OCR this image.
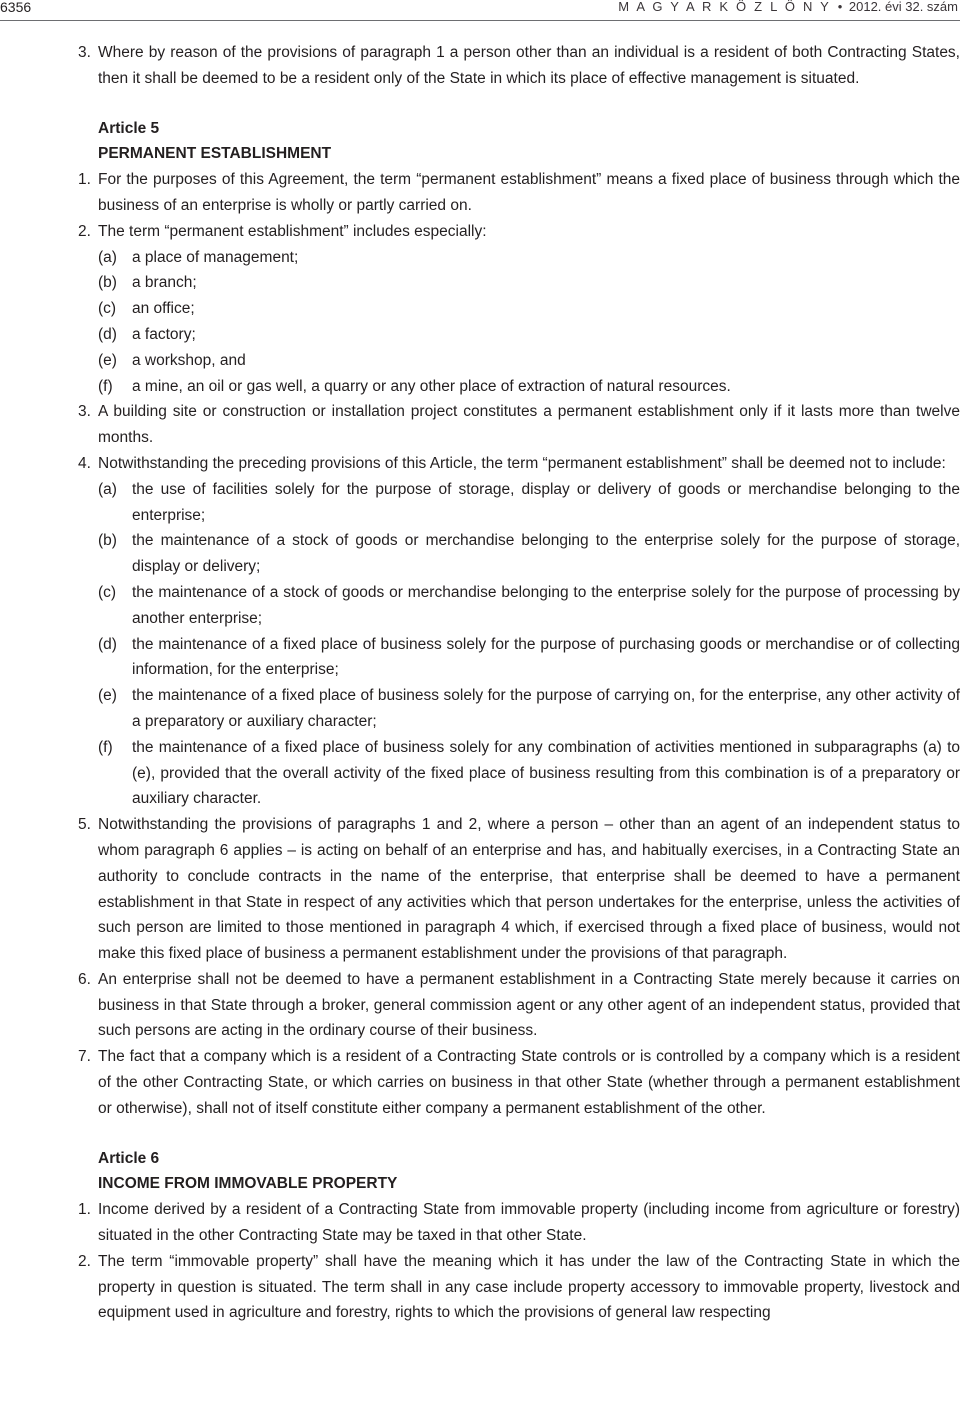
6356	M A G Y A R K Ö Z L Ö N Y • 2012. évi 32. szám

3. Where by reason of the provisions of paragraph 1 a person other than an individual is a resident of both Contracting States, then it shall be deemed to be a resident only of the State in which its place of effective management is situated.

Article 5

PERMANENT ESTABLISHMENT

1. For the purposes of this Agreement, the term “permanent establishment” means a fixed place of business through which the business of an enterprise is wholly or partly carried on.

2. The term “permanent establishment” includes especially:

(a) a place of management;

(b) a branch;

(c) an office;

(d) a factory;

(e) a workshop, and

(f) a mine, an oil or gas well, a quarry or any other place of extraction of natural resources.

3. A building site or construction or installation project constitutes a permanent establishment only if it lasts more than twelve months.

4. Notwithstanding the preceding provisions of this Article, the term “permanent establishment” shall be deemed not to include:

(a) the use of facilities solely for the purpose of storage, display or delivery of goods or merchandise belonging to the enterprise;

(b) the maintenance of a stock of goods or merchandise belonging to the enterprise solely for the purpose of storage, display or delivery;

(c) the maintenance of a stock of goods or merchandise belonging to the enterprise solely for the purpose of processing by another enterprise;

(d) the maintenance of a fixed place of business solely for the purpose of purchasing goods or merchandise or of collecting information, for the enterprise;

(e) the maintenance of a fixed place of business solely for the purpose of carrying on, for the enterprise, any other activity of a preparatory or auxiliary character;

(f) the maintenance of a fixed place of business solely for any combination of activities mentioned in subparagraphs (a) to (e), provided that the overall activity of the fixed place of business resulting from this combination is of a preparatory or auxiliary character.

5. Notwithstanding the provisions of paragraphs 1 and 2, where a person – other than an agent of an independent status to whom paragraph 6 applies – is acting on behalf of an enterprise and has, and habitually exercises, in a Contracting State an authority to conclude contracts in the name of the enterprise, that enterprise shall be deemed to have a permanent establishment in that State in respect of any activities which that person undertakes for the enterprise, unless the activities of such person are limited to those mentioned in paragraph 4 which, if exercised through a fixed place of business, would not make this fixed place of business a permanent establishment under the provisions of that paragraph.

6. An enterprise shall not be deemed to have a permanent establishment in a Contracting State merely because it carries on business in that State through a broker, general commission agent or any other agent of an independent status, provided that such persons are acting in the ordinary course of their business.

7. The fact that a company which is a resident of a Contracting State controls or is controlled by a company which is a resident of the other Contracting State, or which carries on business in that other State (whether through a permanent establishment or otherwise), shall not of itself constitute either company a permanent establishment of the other.

Article 6

INCOME FROM IMMOVABLE PROPERTY

1. Income derived by a resident of a Contracting State from immovable property (including income from agriculture or forestry) situated in the other Contracting State may be taxed in that other State.

2. The term “immovable property” shall have the meaning which it has under the law of the Contracting State in which the property in question is situated. The term shall in any case include property accessory to immovable property, livestock and equipment used in agriculture and forestry, rights to which the provisions of general law respecting
